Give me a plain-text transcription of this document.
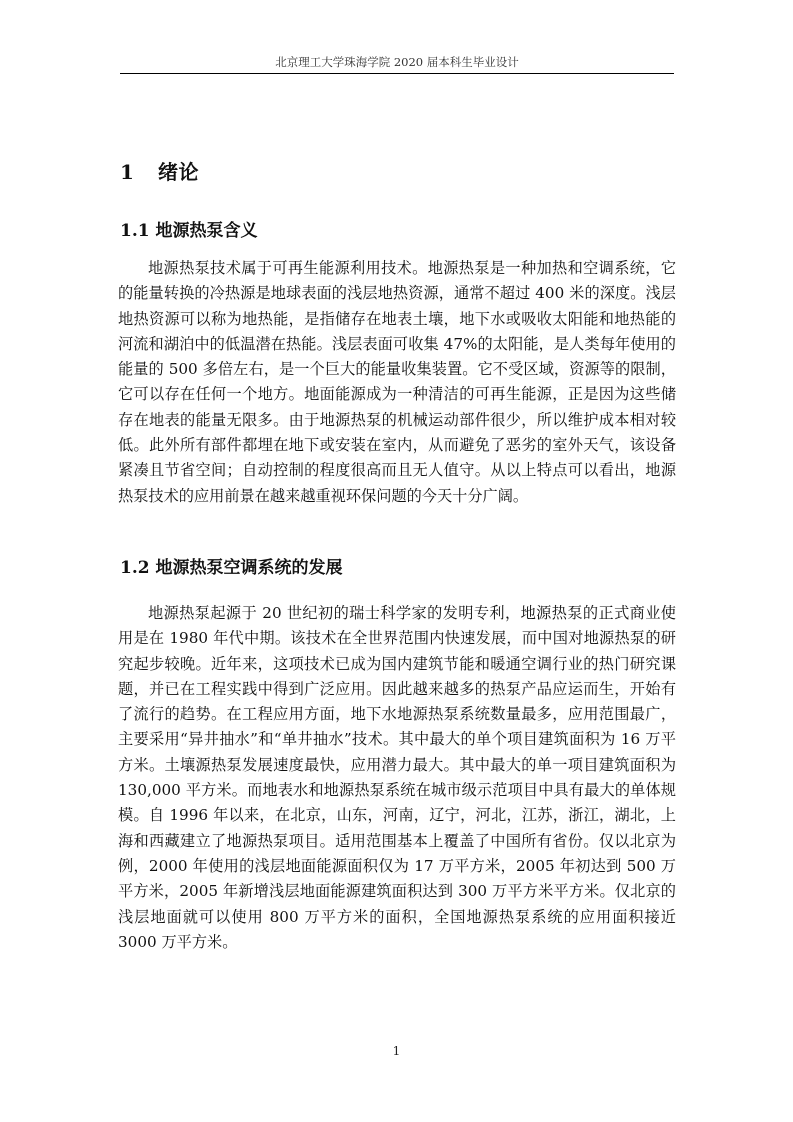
北京理工大学珠海学院 2020 届本科生毕业设计
1 绪论
1.1 地源热泵含义

地源热泵技术属于可再生能源利用技术。地源热泵是一种加热和空调系统，它的能量转换的冷热源是地球表面的浅层地热资源，通常不超过 400 米的深度。浅层地热资源可以称为地热能，是指储存在地表土壤，地下水或吸收太阳能和地热能的河流和湖泊中的低温潜在热能。浅层表面可收集 47%的太阳能，是人类每年使用的能量的 500 多倍左右，是一个巨大的能量收集装置。它不受区域，资源等的限制，它可以存在任何一个地方。地面能源成为一种清洁的可再生能源，正是因为这些储存在地表的能量无限多。由于地源热泵的机械运动部件很少，所以维护成本相对较低。此外所有部件都埋在地下或安装在室内，从而避免了恶劣的室外天气，该设备紧凑且节省空间；自动控制的程度很高而且无人值守。从以上特点可以看出，地源热泵技术的应用前景在越来越重视环保问题的今天十分广阔。

1.2 地源热泵空调系统的发展

地源热泵起源于 20 世纪初的瑞士科学家的发明专利，地源热泵的正式商业使用是在 1980 年代中期。该技术在全世界范围内快速发展，而中国对地源热泵的研究起步较晚。近年来，这项技术已成为国内建筑节能和暖通空调行业的热门研究课题，并已在工程实践中得到广泛应用。因此越来越多的热泵产品应运而生，开始有了流行的趋势。在工程应用方面，地下水地源热泵系统数量最多，应用范围最广，主要采用“异井抽水”和“单井抽水”技术。其中最大的单个项目建筑面积为 16 万平方米。土壤源热泵发展速度最快，应用潜力最大。其中最大的单一项目建筑面积为 130,000 平方米。而地表水和地源热泵系统在城市级示范项目中具有最大的单体规模。自 1996 年以来，在北京，山东，河南，辽宁，河北，江苏，浙江，湖北，上海和西藏建立了地源热泵项目。适用范围基本上覆盖了中国所有省份。仅以北京为例，2000 年使用的浅层地面能源面积仅为 17 万平方米，2005 年初达到 500 万平方米，2005 年新增浅层地面能源建筑面积达到 300 万平方米平方米。仅北京的浅层地面就可以使用 800 万平方米的面积，全国地源热泵系统的应用面积接近 3000 万平方米。

1
